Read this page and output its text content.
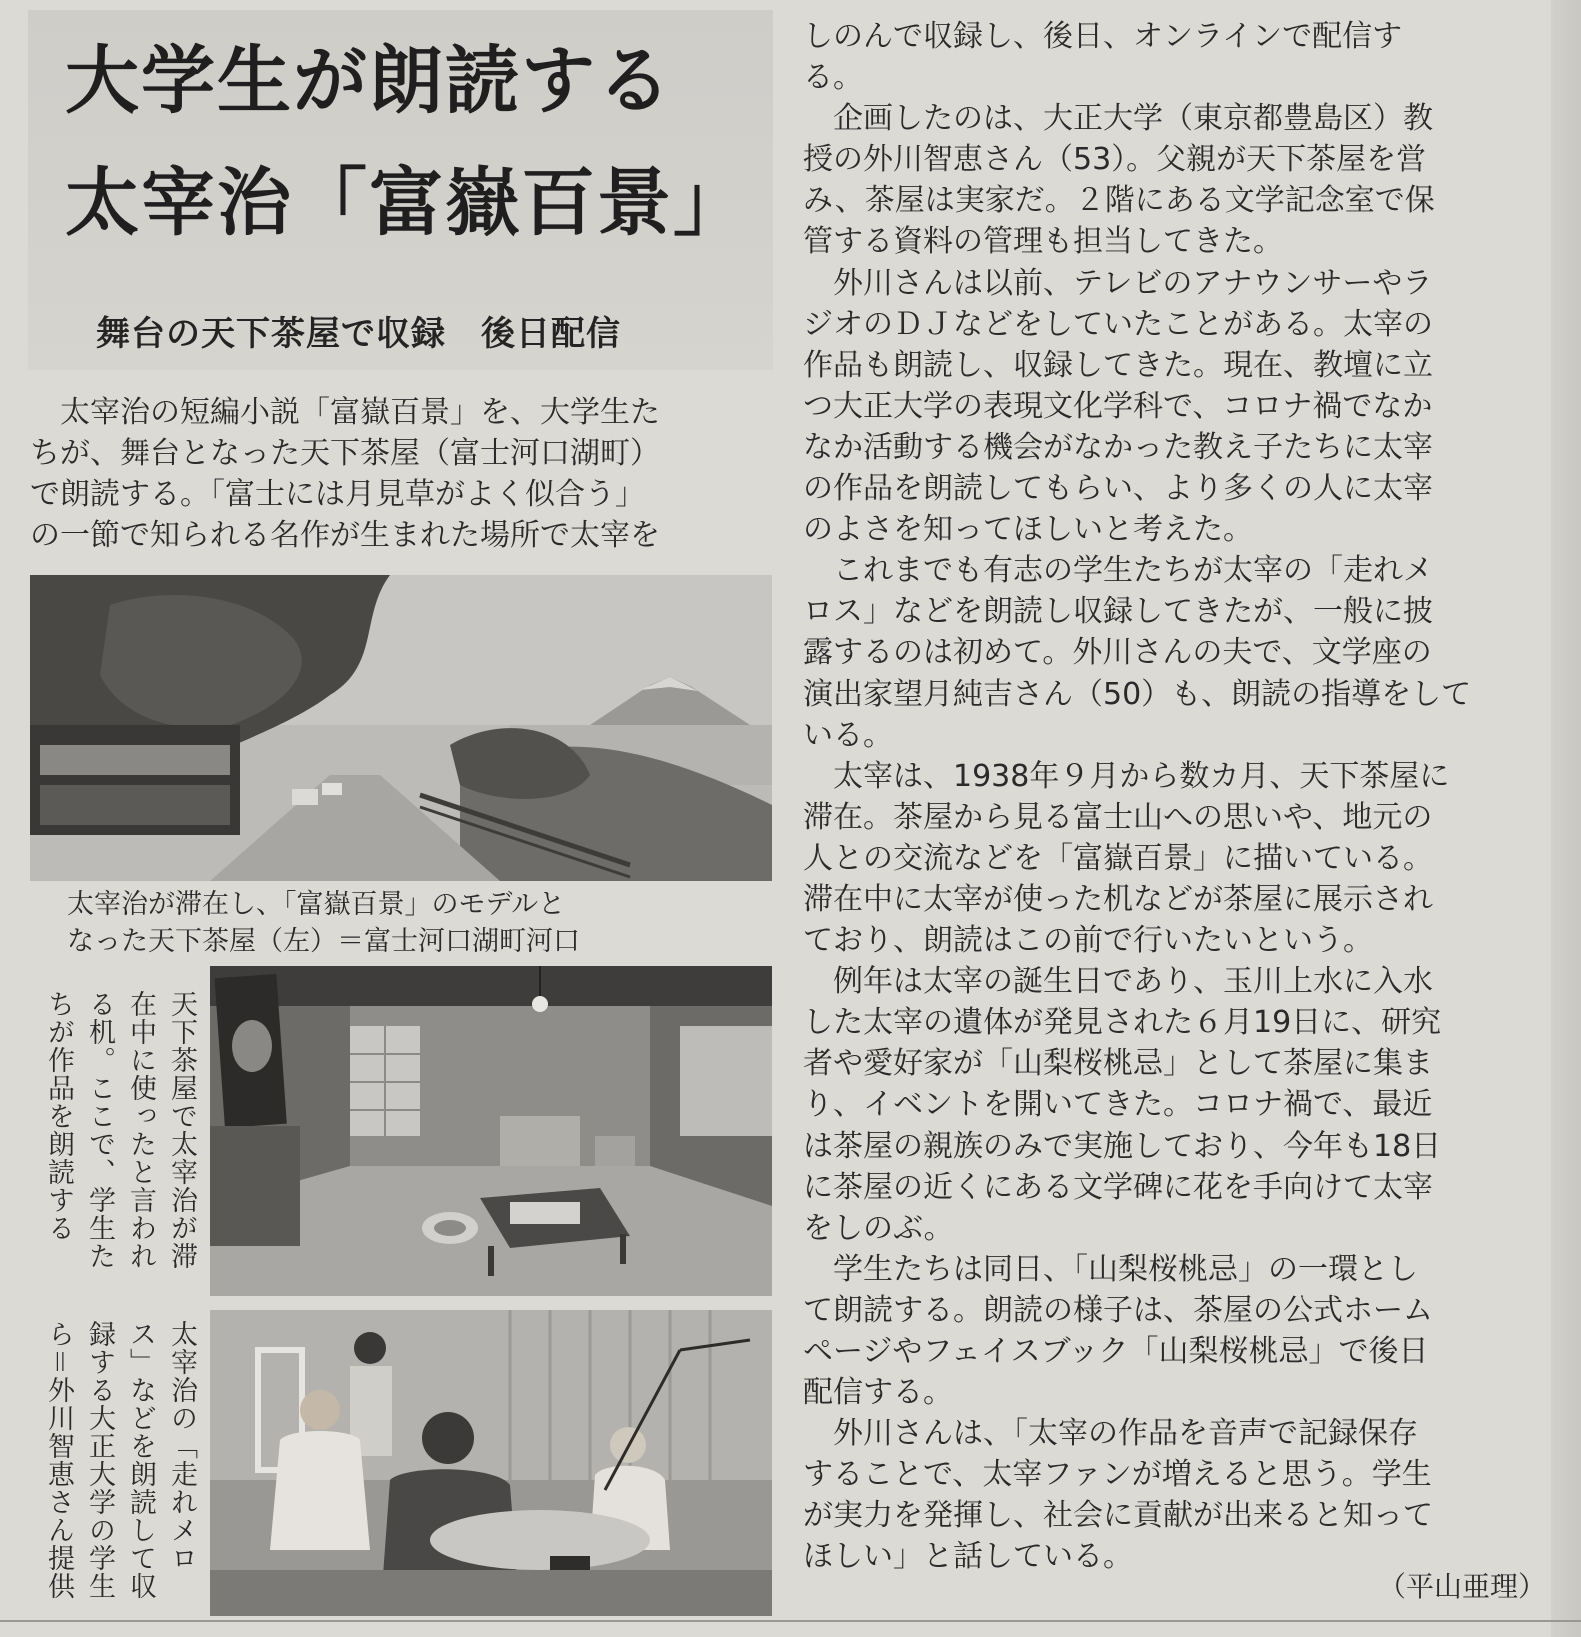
大学生が朗読する
太宰治「富嶽百景」
舞台の天下茶屋で収録　後日配信
　太宰治の短編小説「富嶽百景」を、大学生た
ちが、舞台となった天下茶屋（富士河口湖町）
で朗読する。「富士には月見草がよく似合う」
の一節で知られる名作が生まれた場所で太宰を
太宰治が滞在し、「富嶽百景」のモデルと
なった天下茶屋（左）＝富士河口湖町河口
天下茶屋で太宰治が滞
在中に使ったと言われ
る机。ここで、学生た
ちが作品を朗読する
太宰治の「走れメロ
ス」などを朗読して収
録する大正大学の学生
ら＝外川智恵さん提供
しのんで収録し、後日、オンラインで配信す
る。
　企画したのは、大正大学（東京都豊島区）教
授の外川智恵さん（53）。父親が天下茶屋を営
み、茶屋は実家だ。２階にある文学記念室で保
管する資料の管理も担当してきた。
　外川さんは以前、テレビのアナウンサーやラ
ジオのＤＪなどをしていたことがある。太宰の
作品も朗読し、収録してきた。現在、教壇に立
つ大正大学の表現文化学科で、コロナ禍でなか
なか活動する機会がなかった教え子たちに太宰
の作品を朗読してもらい、より多くの人に太宰
のよさを知ってほしいと考えた。
　これまでも有志の学生たちが太宰の「走れメ
ロス」などを朗読し収録してきたが、一般に披
露するのは初めて。外川さんの夫で、文学座の
演出家望月純吉さん（50）も、朗読の指導をして
いる。
　太宰は、1938年９月から数カ月、天下茶屋に
滞在。茶屋から見る富士山への思いや、地元の
人との交流などを「富嶽百景」に描いている。
滞在中に太宰が使った机などが茶屋に展示され
ており、朗読はこの前で行いたいという。
　例年は太宰の誕生日であり、玉川上水に入水
した太宰の遺体が発見された６月19日に、研究
者や愛好家が「山梨桜桃忌」として茶屋に集ま
り、イベントを開いてきた。コロナ禍で、最近
は茶屋の親族のみで実施しており、今年も18日
に茶屋の近くにある文学碑に花を手向けて太宰
をしのぶ。
　学生たちは同日、「山梨桜桃忌」の一環とし
て朗読する。朗読の様子は、茶屋の公式ホーム
ページやフェイスブック「山梨桜桃忌」で後日
配信する。
　外川さんは、「太宰の作品を音声で記録保存
することで、太宰ファンが増えると思う。学生
が実力を発揮し、社会に貢献が出来ると知って
ほしい」と話している。
（平山亜理）
